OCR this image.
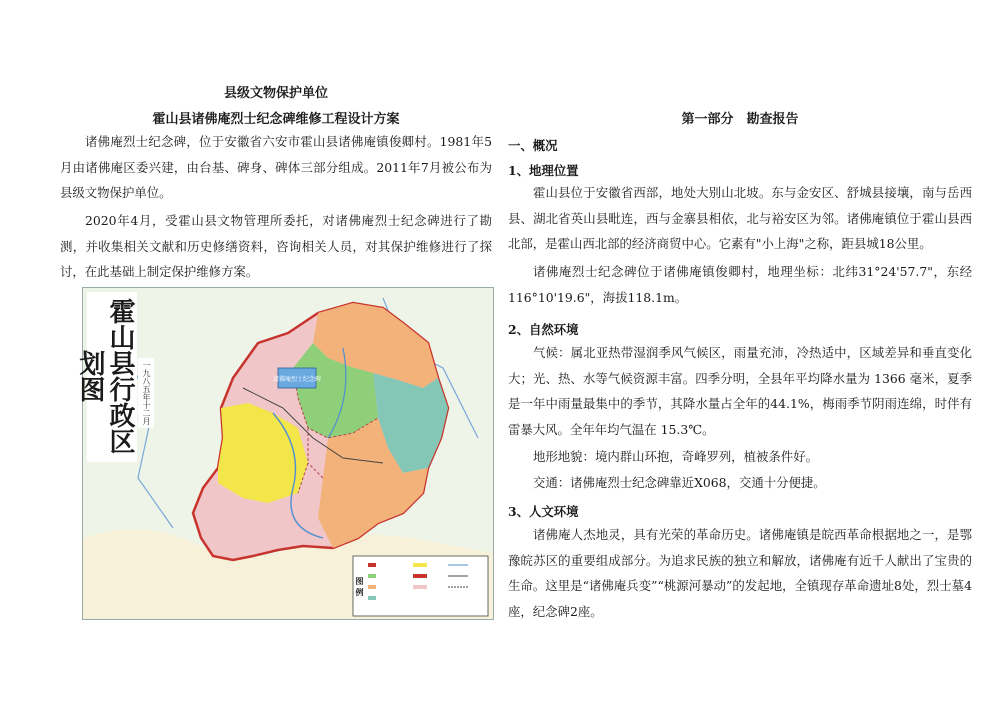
县级文物保护单位
霍山县诸佛庵烈士纪念碑维修工程设计方案

诸佛庵烈士纪念碑，位于安徽省六安市霍山县诸佛庵镇俊卿村。1981年5月由诸佛庵区委兴建，由台基、碑身、碑体三部分组成。2011年7月被公布为县级文物保护单位。

2020年4月，受霍山县文物管理所委托，对诸佛庵烈士纪念碑进行了勘测，并收集相关文献和历史修缮资料，咨询相关人员，对其保护维修进行了探讨，在此基础上制定保护维修方案。

诸佛庵烈士纪念碑
霍山县行政区划图	一九八五年十二月
图 例
第一部分　勘查报告
一、概况
1、地理位置

霍山县位于安徽省西部，地处大别山北坡。东与金安区、舒城县接壤，南与岳西县、湖北省英山县毗连，西与金寨县相依，北与裕安区为邻。诸佛庵镇位于霍山县西北部，是霍山西北部的经济商贸中心。它素有"小上海"之称，距县城18公里。

诸佛庵烈士纪念碑位于诸佛庵镇俊卿村，地理坐标：北纬31°24'57.7"，东经116°10'19.6"，海拔118.1m。

2、自然环境

气候：属北亚热带湿润季风气候区，雨量充沛，冷热适中，区域差异和垂直变化大；光、热、水等气候资源丰富。四季分明，全县年平均降水量为 1366 毫米，夏季是一年中雨量最集中的季节，其降水量占全年的44.1%，梅雨季节阴雨连绵，时伴有雷暴大风。全年年均气温在 15.3℃。

地形地貌：境内群山环抱，奇峰罗列，植被条件好。

交通：诸佛庵烈士纪念碑靠近X068，交通十分便捷。

3、人文环境

诸佛庵人杰地灵，具有光荣的革命历史。诸佛庵镇是皖西革命根据地之一，是鄂豫皖苏区的重要组成部分。为追求民族的独立和解放，诸佛庵有近千人献出了宝贵的生命。这里是“诸佛庵兵变”“桃源河暴动”的发起地，全镇现存革命遗址8处，烈士墓4座，纪念碑2座。
